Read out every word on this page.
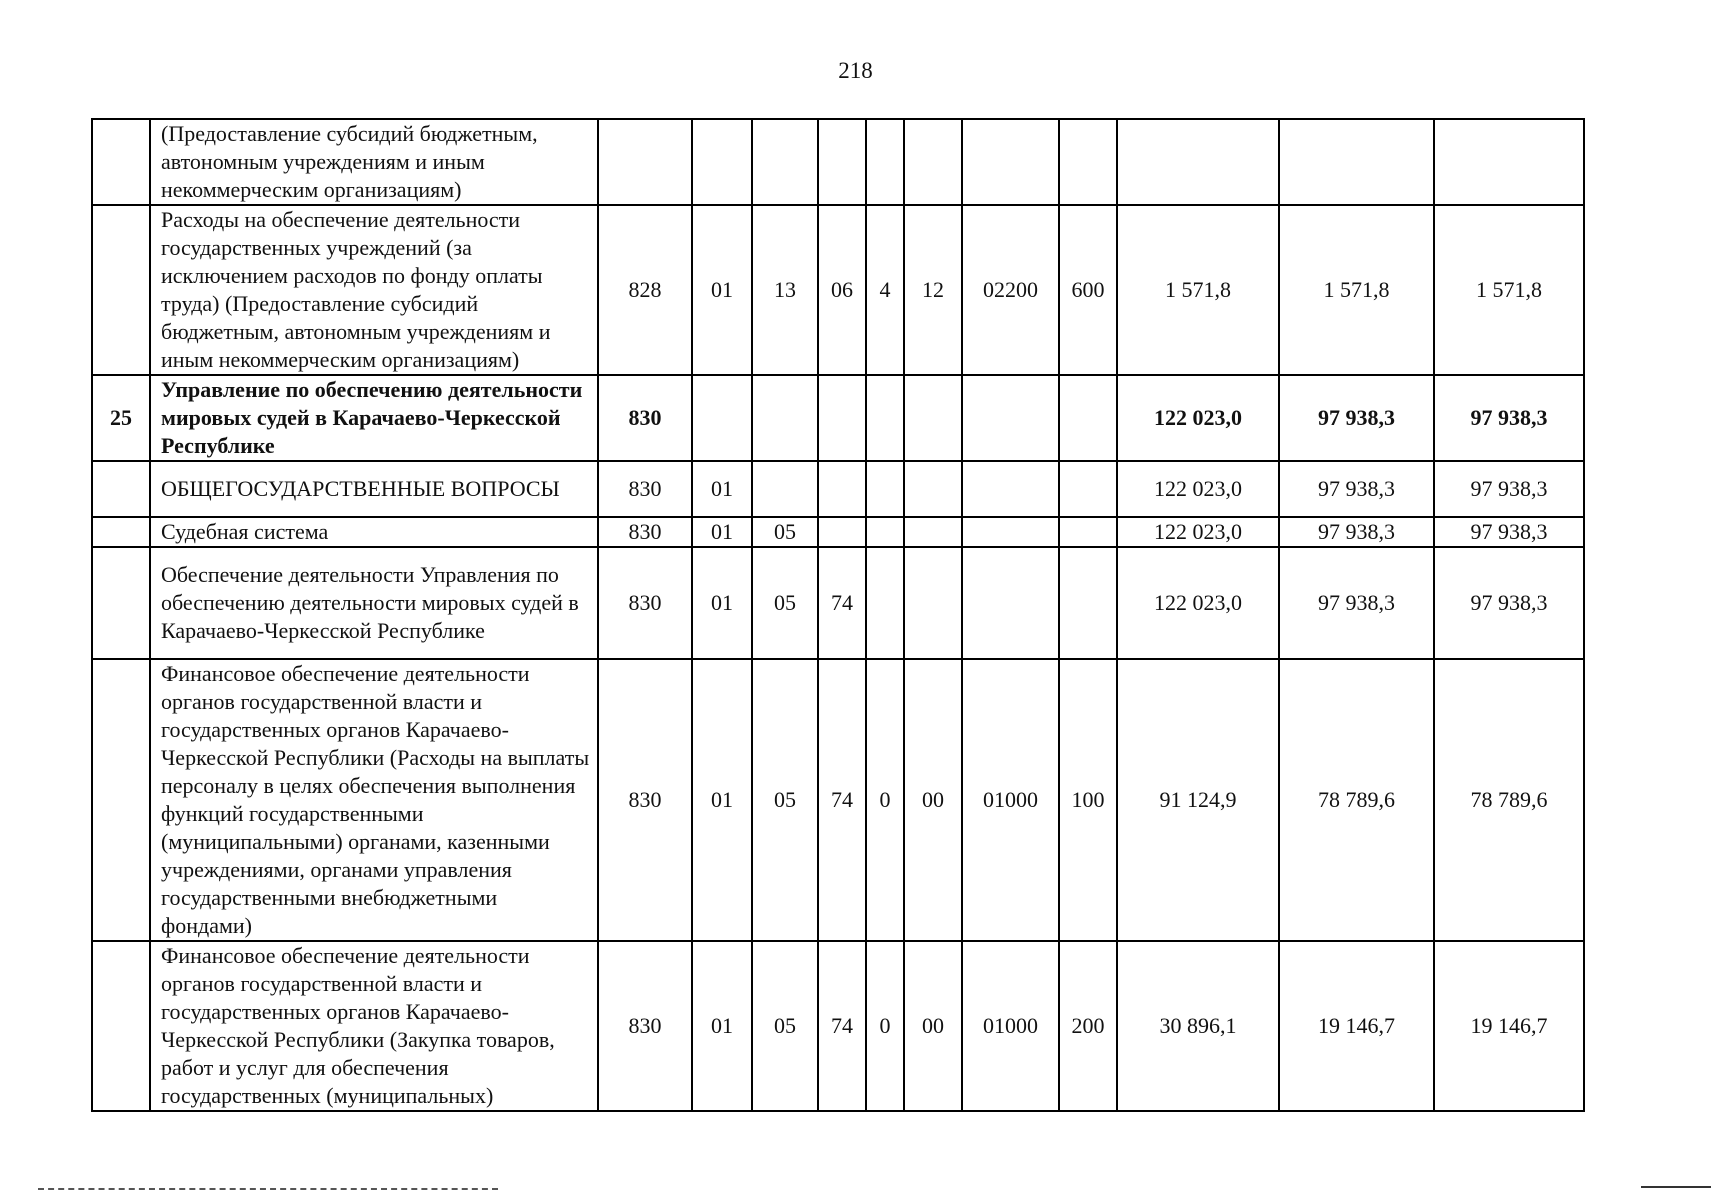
218
	(Предоставление субсидий бюджетным, автономным учреждениям и иным некоммерческим организациям)											
	Расходы на обеспечение деятельности государственных учреждений (за исключением расходов по фонду оплаты труда) (Предоставление субсидий бюджетным, автономным учреждениям и иным некоммерческим организациям)	828	01	13	06	4	12	02200	600	1 571,8	1 571,8	1 571,8
25	Управление по обеспечению деятельности мировых судей в Карачаево-Черкесской Республике	830								122 023,0	97 938,3	97 938,3
	ОБЩЕГОСУДАРСТВЕННЫЕ ВОПРОСЫ	830	01							122 023,0	97 938,3	97 938,3
	Судебная система	830	01	05						122 023,0	97 938,3	97 938,3
	Обеспечение деятельности Управления по обеспечению деятельности мировых судей в Карачаево-Черкесской Республике	830	01	05	74					122 023,0	97 938,3	97 938,3
	Финансовое обеспечение деятельности органов государственной власти и государственных органов Карачаево-Черкесской Республики (Расходы на выплаты персоналу в целях обеспечения выполнения функций государственными (муниципальными) органами, казенными учреждениями, органами управления государственными внебюджетными фондами)	830	01	05	74	0	00	01000	100	91 124,9	78 789,6	78 789,6
	Финансовое обеспечение деятельности органов государственной власти и государственных органов Карачаево-Черкесской Республики (Закупка товаров, работ и услуг для обеспечения государственных (муниципальных)	830	01	05	74	0	00	01000	200	30 896,1	19 146,7	19 146,7
